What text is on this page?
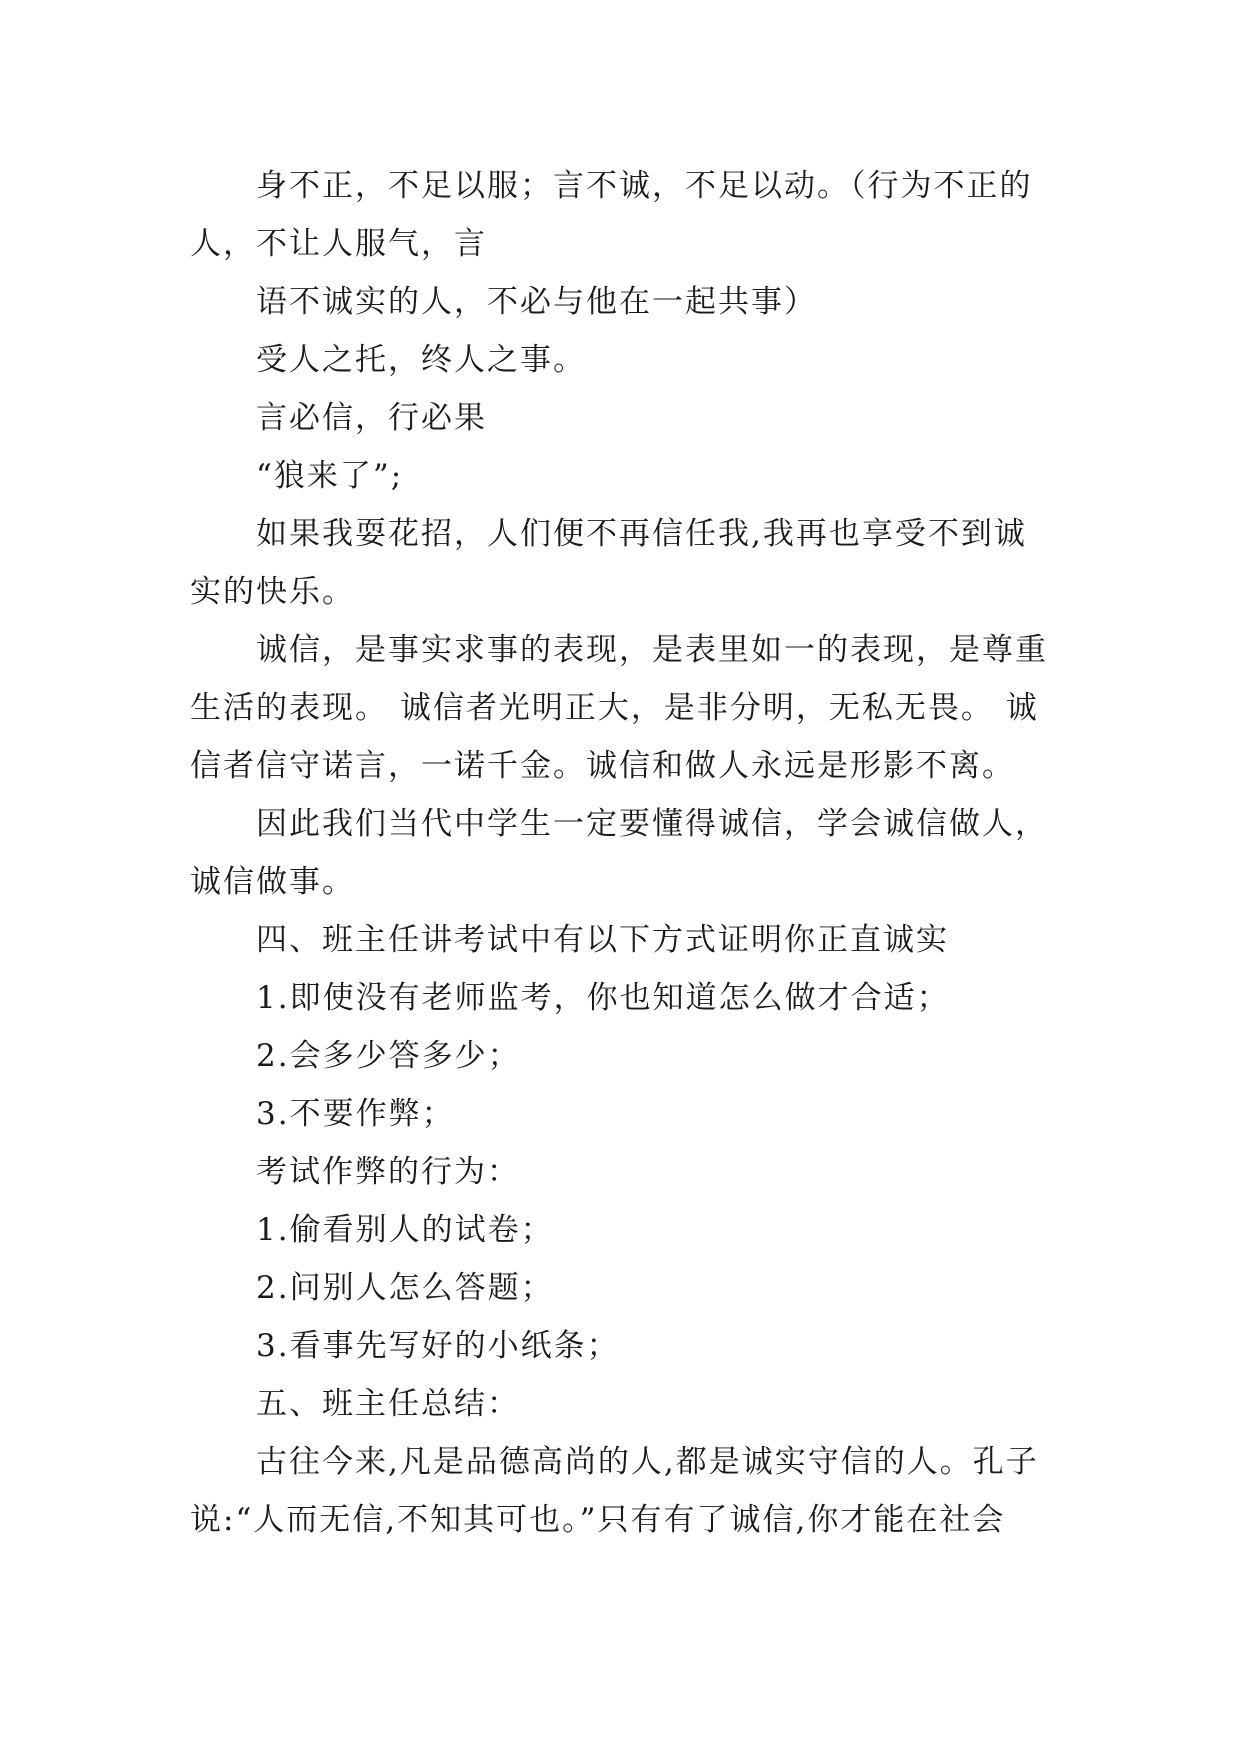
身不正，不足以服；言不诚，不足以动。（行为不正的人，不让人服气，言

语不诚实的人，不必与他在一起共事）

受人之托，终人之事。

言必信，行必果

“狼来了”;

如果我耍花招，人们便不再信任我,我再也享受不到诚实的快乐。

诚信，是事实求事的表现，是表里如一的表现，是尊重生活的表现。 诚信者光明正大，是非分明，无私无畏。 诚信者信守诺言，一诺千金。诚信和做人永远是形影不离。

因此我们当代中学生一定要懂得诚信，学会诚信做人，诚信做事。

四、班主任讲考试中有以下方式证明你正直诚实

1.即使没有老师监考，你也知道怎么做才合适；

2.会多少答多少；

3.不要作弊；

考试作弊的行为：

1.偷看别人的试卷；

2.问别人怎么答题；

3.看事先写好的小纸条；

五、班主任总结：

古往今来,凡是品德高尚的人,都是诚实守信的人。孔子说:“人而无信,不知其可也。”只有有了诚信,你才能在社会
